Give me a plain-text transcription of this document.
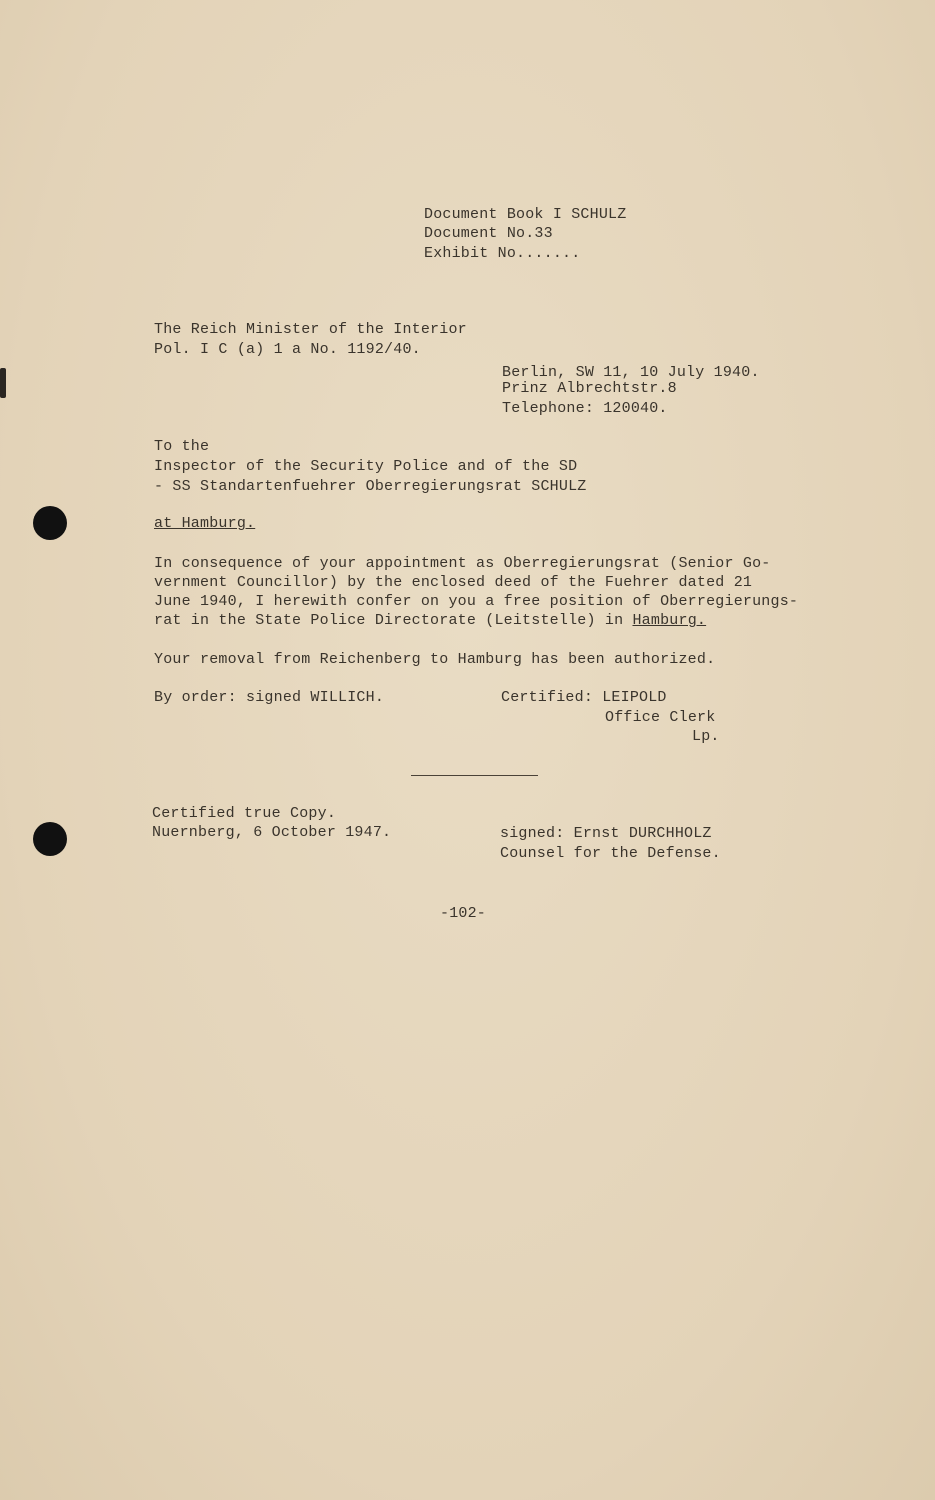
Document Book I SCHULZ
Document No.33
Exhibit No.......
The Reich Minister of the Interior
Pol. I C (a) 1 a No. 1192/40.
Berlin, SW 11, 10 July 1940.
Prinz Albrechtstr.8
Telephone: 120040.
To the
Inspector of the Security Police and of the SD
- SS Standartenfuehrer Oberregierungsrat SCHULZ
at Hamburg.
In consequence of your appointment as Oberregierungsrat (Senior Go-
vernment Councillor) by the enclosed deed of the Fuehrer dated 21
June 1940, I herewith confer on you a free position of Oberregierungs-
rat in the State Police Directorate (Leitstelle) in Hamburg.
Your removal from Reichenberg to Hamburg has been authorized.
By order: signed WILLICH.	Certified: LEIPOLD
Office Clerk
Lp.
Certified true Copy.
Nuernberg, 6 October 1947.	signed: Ernst DURCHHOLZ
Counsel for the Defense.
-102-
